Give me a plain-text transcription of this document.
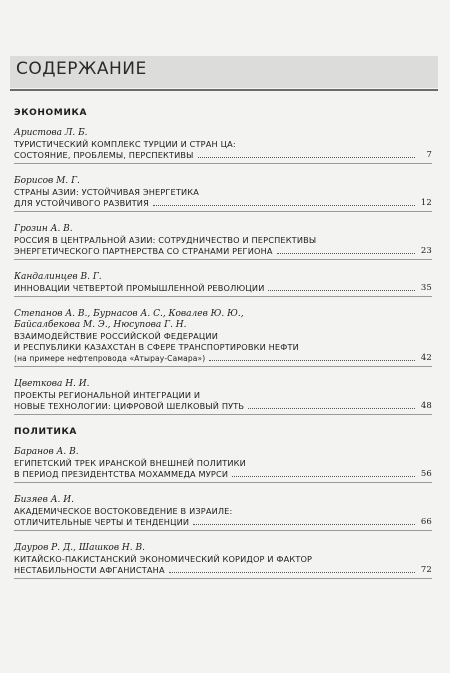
СОДЕРЖАНИЕ
ЭКОНОМИКА
Аристова Л. Б.
ТУРИСТИЧЕСКИЙ КОМПЛЕКС ТУРЦИИ И СТРАН ЦА:
СОСТОЯНИЕ, ПРОБЛЕМЫ, ПЕРСПЕКТИВЫ	7
Борисов М. Г.
СТРАНЫ АЗИИ: УСТОЙЧИВАЯ ЭНЕРГЕТИКА
ДЛЯ УСТОЙЧИВОГО РАЗВИТИЯ	12
Грозин А. В.
РОССИЯ В ЦЕНТРАЛЬНОЙ АЗИИ: СОТРУДНИЧЕСТВО И ПЕРСПЕКТИВЫ
ЭНЕРГЕТИЧЕСКОГО ПАРТНЕРСТВА СО СТРАНАМИ РЕГИОНА	23
Кандалинцев В. Г.
ИННОВАЦИИ ЧЕТВЕРТОЙ ПРОМЫШЛЕННОЙ РЕВОЛЮЦИИ	35
Степанов А. В., Бурнасов А. С., Ковалев Ю. Ю.,
Байсалбекова М. Э., Нюсупова Г. Н.
ВЗАИМОДЕЙСТВИЕ РОССИЙСКОЙ ФЕДЕРАЦИИ
И РЕСПУБЛИКИ КАЗАХСТАН В СФЕРЕ ТРАНСПОРТИРОВКИ НЕФТИ
(на примере нефтепровода «Атырау-Самара»)	42
Цветкова Н. И.
ПРОЕКТЫ РЕГИОНАЛЬНОЙ ИНТЕГРАЦИИ И
НОВЫЕ ТЕХНОЛОГИИ: ЦИФРОВОЙ ШЕЛКОВЫЙ ПУТЬ	48
ПОЛИТИКА
Баранов А. В.
ЕГИПЕТСКИЙ ТРЕК ИРАНСКОЙ ВНЕШНЕЙ ПОЛИТИКИ
В ПЕРИОД ПРЕЗИДЕНТСТВА МОХАММЕДА МУРСИ	56
Бизяев А. И.
АКАДЕМИЧЕСКОЕ ВОСТОКОВЕДЕНИЕ В ИЗРАИЛЕ:
ОТЛИЧИТЕЛЬНЫЕ ЧЕРТЫ И ТЕНДЕНЦИИ	66
Дауров Р. Д., Шашков Н. В.
КИТАЙСКО-ПАКИСТАНСКИЙ ЭКОНОМИЧЕСКИЙ КОРИДОР И ФАКТОР
НЕСТАБИЛЬНОСТИ АФГАНИСТАНА	72
